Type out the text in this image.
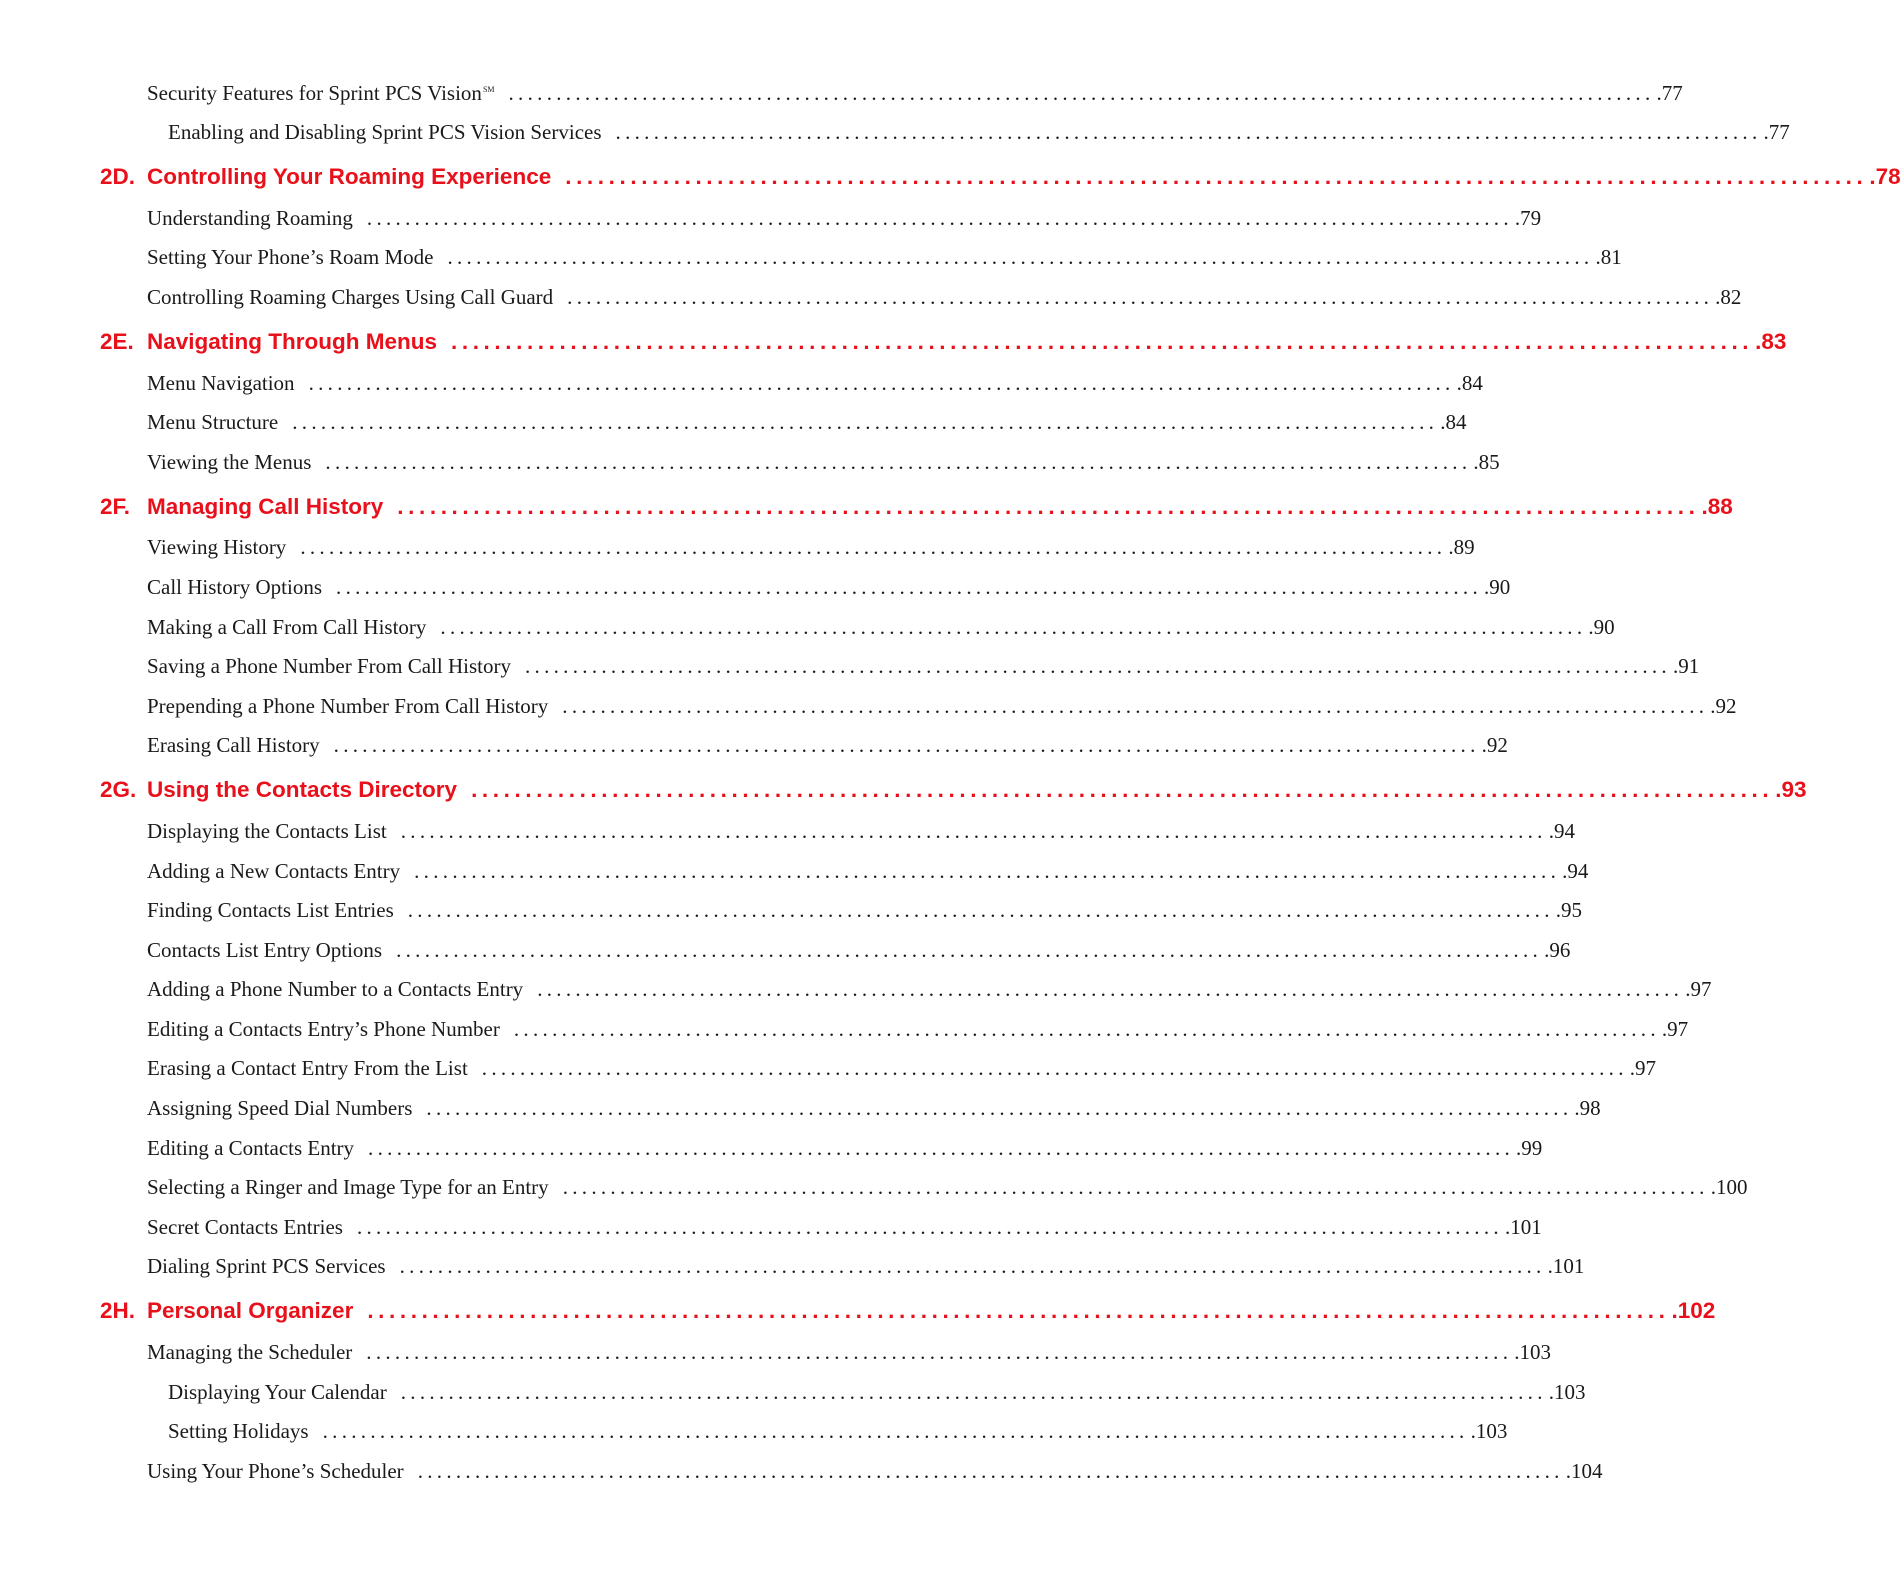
Security Features for Sprint PCS Vision℠ ........................................................................................................................ .77
Enabling and Disabling Sprint PCS Vision Services ........................................................................................................................ .77
2D. Controlling Your Roaming Experience ........................................................................................................................ .78
Understanding Roaming ........................................................................................................................ .79
Setting Your Phone’s Roam Mode ........................................................................................................................ .81
Controlling Roaming Charges Using Call Guard ........................................................................................................................ .82
2E. Navigating Through Menus ........................................................................................................................ .83
Menu Navigation ........................................................................................................................ .84
Menu Structure ........................................................................................................................ .84
Viewing the Menus ........................................................................................................................ .85
2F. Managing Call History ........................................................................................................................ .88
Viewing History ........................................................................................................................ .89
Call History Options ........................................................................................................................ .90
Making a Call From Call History ........................................................................................................................ .90
Saving a Phone Number From Call History ........................................................................................................................ .91
Prepending a Phone Number From Call History ........................................................................................................................ .92
Erasing Call History ........................................................................................................................ .92
2G. Using the Contacts Directory ........................................................................................................................ .93
Displaying the Contacts List ........................................................................................................................ .94
Adding a New Contacts Entry ........................................................................................................................ .94
Finding Contacts List Entries ........................................................................................................................ .95
Contacts List Entry Options ........................................................................................................................ .96
Adding a Phone Number to a Contacts Entry ........................................................................................................................ .97
Editing a Contacts Entry’s Phone Number ........................................................................................................................ .97
Erasing a Contact Entry From the List ........................................................................................................................ .97
Assigning Speed Dial Numbers ........................................................................................................................ .98
Editing a Contacts Entry ........................................................................................................................ .99
Selecting a Ringer and Image Type for an Entry ........................................................................................................................ .100
Secret Contacts Entries ........................................................................................................................ .101
Dialing Sprint PCS Services ........................................................................................................................ .101
2H. Personal Organizer ........................................................................................................................ .102
Managing the Scheduler ........................................................................................................................ .103
Displaying Your Calendar ........................................................................................................................ .103
Setting Holidays ........................................................................................................................ .103
Using Your Phone’s Scheduler ........................................................................................................................ .104
